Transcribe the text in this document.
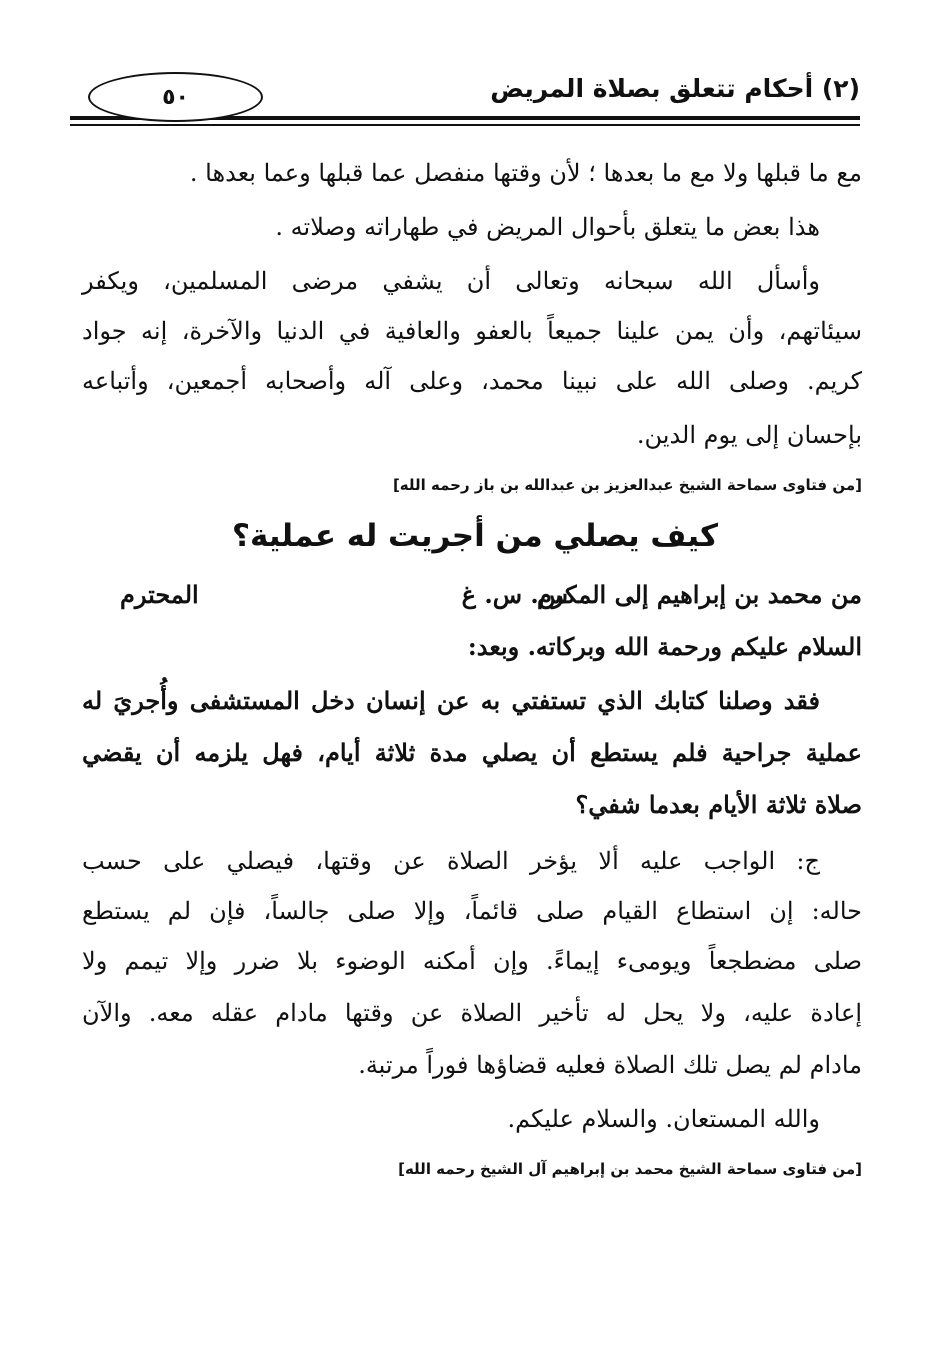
(٢) أحكام تتعلق بصلاة المريض
٥٠
مع ما قبلها ولا مع ما بعدها ؛ لأن وقتها منفصل عما قبلها وعما بعدها .
هذا بعض ما يتعلق بأحوال المريض في طهاراته وصلاته .
وأسأل الله سبحانه وتعالى أن يشفي مرضى المسلمين، ويكفر
سيئاتهم، وأن يمن علينا جميعاً بالعفو والعافية في الدنيا والآخرة، إنه جواد
كريم. وصلى الله على نبينا محمد، وعلى آله وأصحابه أجمعين، وأتباعه
بإحسان إلى يوم الدين.
[من فتاوى سماحة الشيخ عبدالعزيز بن عبدالله بن باز رحمه الله]
كيف يصلي من أجريت له عملية؟
من محمد بن إبراهيم إلى المكرم
س. س. غ
المحترم
السلام عليكم ورحمة الله وبركاته. وبعد:
فقد وصلنا كتابك الذي تستفتي به عن إنسان دخل المستشفى وأُجريَ له
عملية جراحية فلم يستطع أن يصلي مدة ثلاثة أيام، فهل يلزمه أن يقضي
صلاة ثلاثة الأيام بعدما شفي؟
ج: الواجب عليه ألا يؤخر الصلاة عن وقتها، فيصلي على حسب
حاله: إن استطاع القيام صلى قائماً، وإلا صلى جالساً، فإن لم يستطع
صلى مضطجعاً ويومىء إيماءً. وإن أمكنه الوضوء بلا ضرر وإلا تيمم ولا
إعادة عليه، ولا يحل له تأخير الصلاة عن وقتها مادام عقله معه. والآن
مادام لم يصل تلك الصلاة فعليه قضاؤها فوراً مرتبة.
والله المستعان. والسلام عليكم.
[من فتاوى سماحة الشيخ محمد بن إبراهيم آل الشيخ رحمه الله]
